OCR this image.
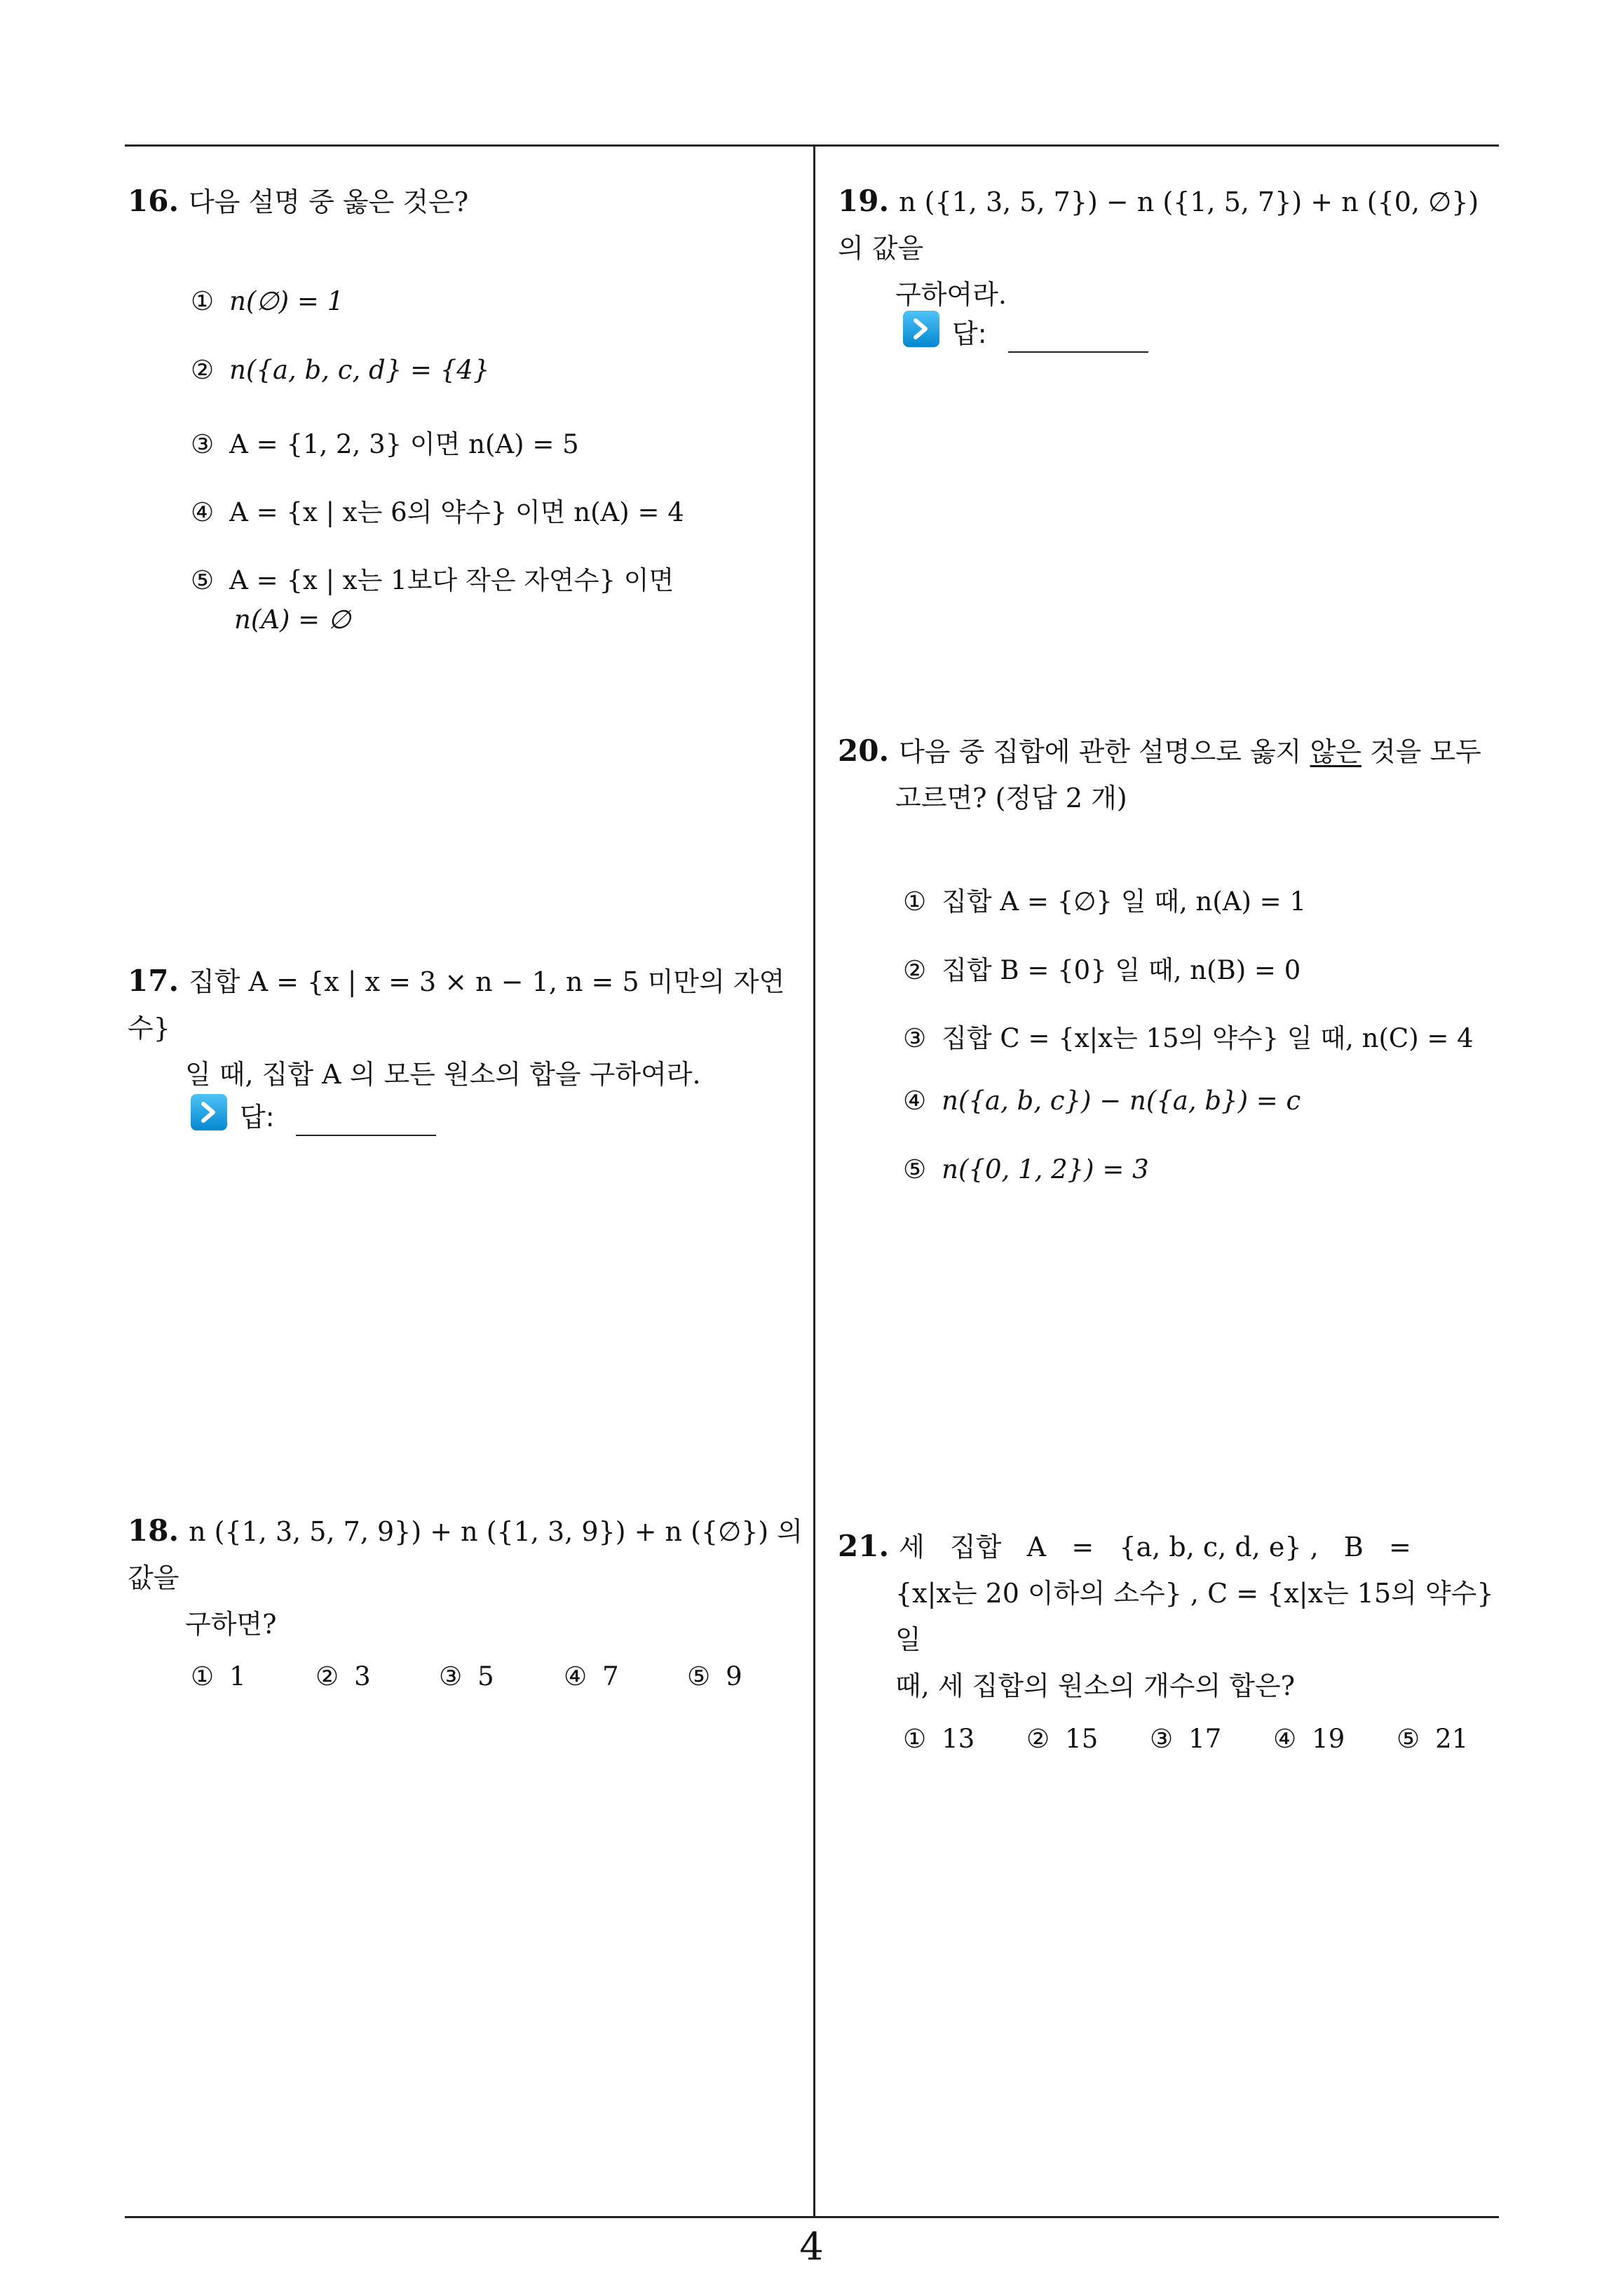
16. 다음 설명 중 옳은 것은?
① n(∅) = 1
② n({a, b, c, d} = {4}
③ A = {1, 2, 3} 이면 n(A) = 5
④ A = {x | x는 6의 약수} 이면 n(A) = 4
⑤ A = {x | x는 1보다 작은 자연수} 이면
n(A) = ∅
17. 집합 A = {x | x = 3 × n − 1, n = 5 미만의 자연수}
일 때, 집합 A 의 모든 원소의 합을 구하여라.
답:
18. n ({1, 3, 5, 7, 9}) + n ({1, 3, 9}) + n ({∅}) 의 값을
구하면?
① 1	② 3	③ 5	④ 7	⑤ 9
19. n ({1, 3, 5, 7}) − n ({1, 5, 7}) + n ({0, ∅}) 의 값을
구하여라.
답:
20. 다음 중 집합에 관한 설명으로 옳지 않은 것을 모두
고르면? (정답 2 개)
① 집합 A = {∅} 일 때, n(A) = 1
② 집합 B = {0} 일 때, n(B) = 0
③ 집합 C = {x|x는 15의 약수} 일 때, n(C) = 4
④ n({a, b, c}) − n({a, b}) = c
⑤ n({0, 1, 2}) = 3
21. 세   집합   A   =   {a, b, c, d, e} ,   B   =
{x|x는 20 이하의 소수} , C = {x|x는 15의 약수} 일
때, 세 집합의 원소의 개수의 합은?
① 13 ② 15 ③ 17 ④ 19 ⑤ 21
4
